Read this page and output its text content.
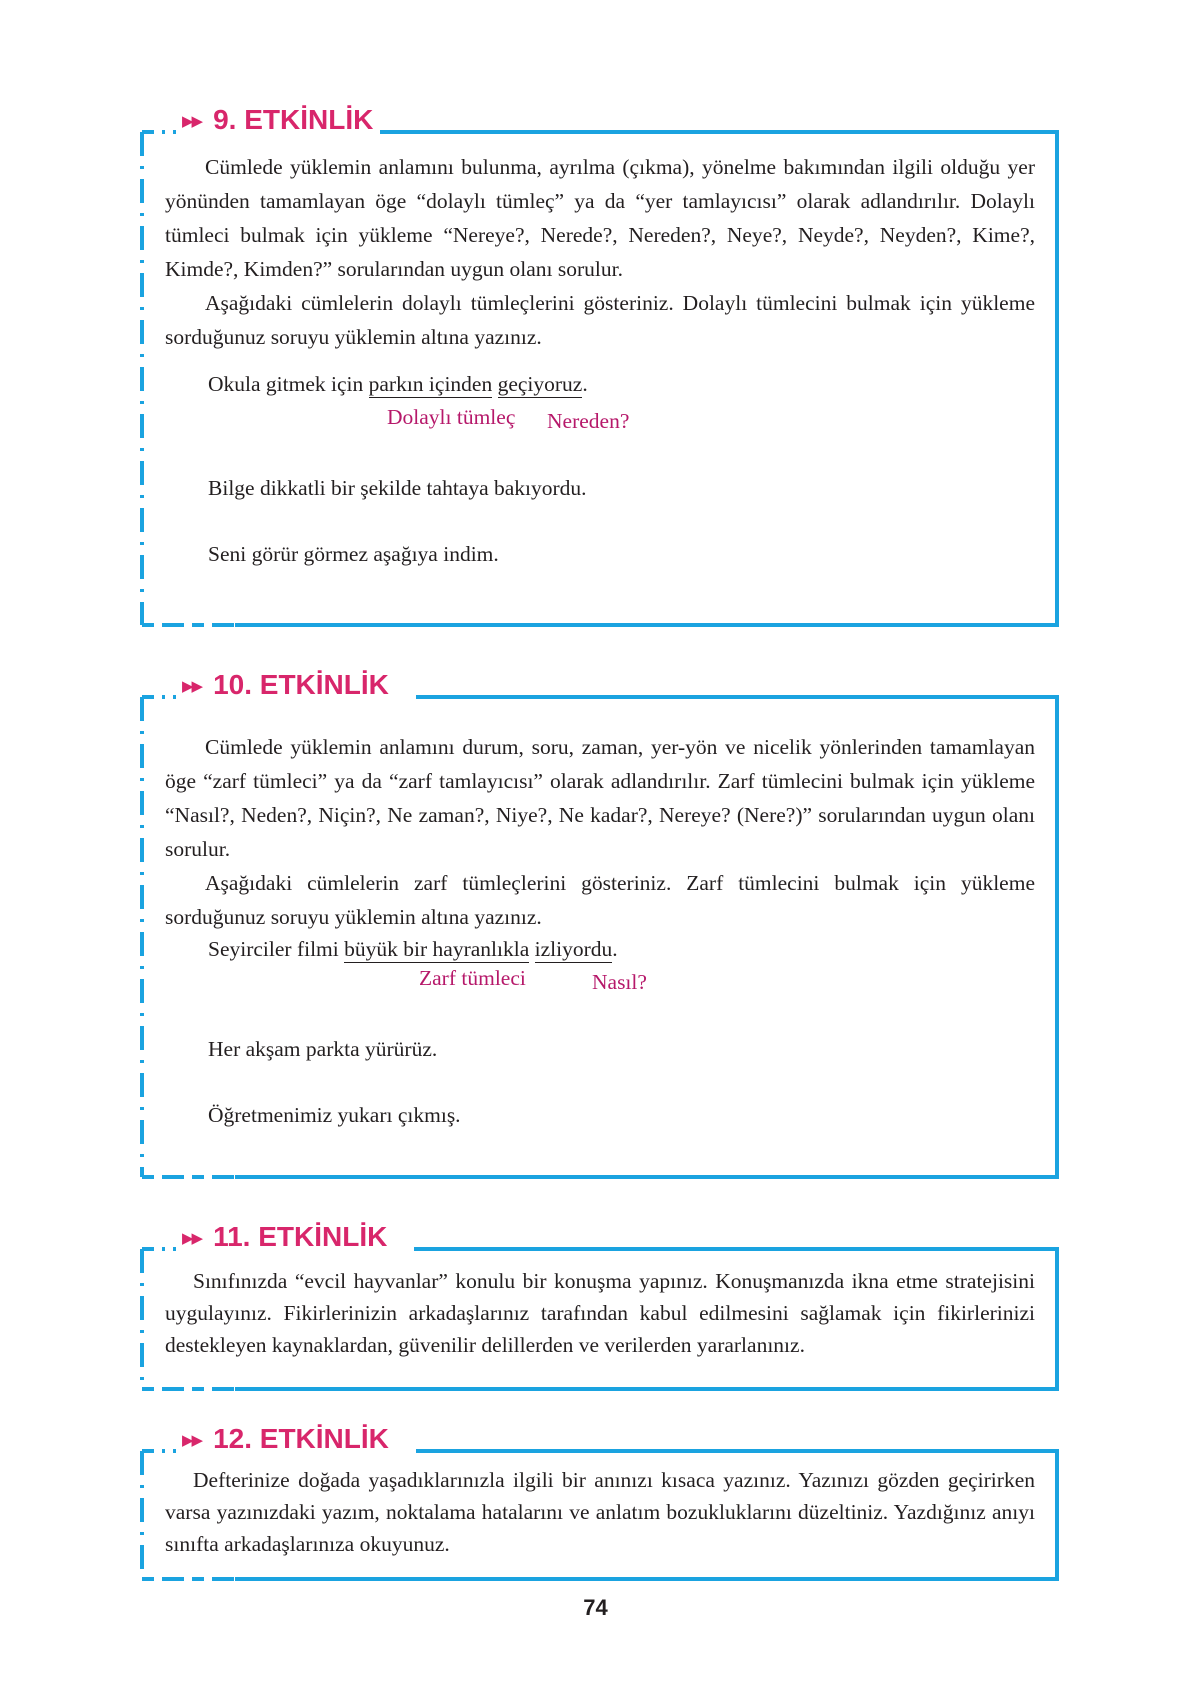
▶▶ 9. ETKİNLİK

Cümlede yüklemin anlamını bulunma, ayrılma (çıkma), yönelme bakımından ilgili olduğu yer yönünden tamamlayan öge “dolaylı tümleç” ya da “yer tamlayıcısı” olarak adlandırılır. Dolaylı tümleci bulmak için yükleme “Nereye?, Nerede?, Nereden?, Neye?, Neyde?, Neyden?, Kime?, Kimde?, Kimden?” sorularından uygun olanı sorulur.

Aşağıdaki cümlelerin dolaylı tümleçlerini gösteriniz. Dolaylı tümlecini bulmak için yükleme sorduğunuz soruyu yüklemin altına yazınız.

Okula gitmek için parkın içinden geçiyoruz.
Dolaylı tümleç Nereden?
Bilge dikkatli bir şekilde tahtaya bakıyordu.
Seni görür görmez aşağıya indim.
▶▶ 10. ETKİNLİK

Cümlede yüklemin anlamını durum, soru, zaman, yer-yön ve nicelik yönlerinden tamamlayan öge “zarf tümleci” ya da “zarf tamlayıcısı” olarak adlandırılır. Zarf tümlecini bulmak için yükleme “Nasıl?, Neden?, Niçin?, Ne zaman?, Niye?, Ne kadar?, Nereye? (Nere?)” sorularından uygun olanı sorulur.

Aşağıdaki cümlelerin zarf tümleçlerini gösteriniz. Zarf tümlecini bulmak için yükleme sorduğunuz soruyu yüklemin altına yazınız.

Seyirciler filmi büyük bir hayranlıkla izliyordu.
Zarf tümleci	Nasıl?
Her akşam parkta yürürüz.
Öğretmenimiz yukarı çıkmış.
▶▶ 11. ETKİNLİK

Sınıfınızda “evcil hayvanlar” konulu bir konuşma yapınız. Konuşmanızda ikna etme stratejisini uygulayınız. Fikirlerinizin arkadaşlarınız tarafından kabul edilmesini sağlamak için fikirlerinizi destekleyen kaynaklardan, güvenilir delillerden ve verilerden yararlanınız.

▶▶ 12. ETKİNLİK

Defterinize doğada yaşadıklarınızla ilgili bir anınızı kısaca yazınız. Yazınızı gözden geçirirken varsa yazınızdaki yazım, noktalama hatalarını ve anlatım bozukluklarını düzeltiniz. Yazdığınız anıyı sınıfta arkadaşlarınıza okuyunuz.

74
